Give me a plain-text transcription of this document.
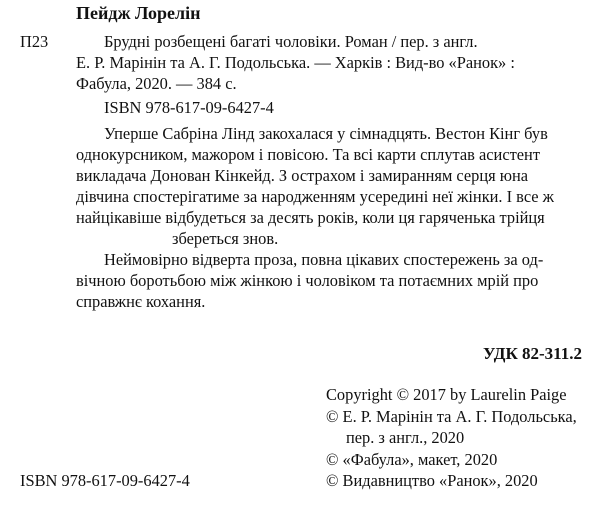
Пейдж Лорелін
П23	Брудні розбещені багаті чоловіки. Роман / пер. з англ.
Е. Р. Марінін та А. Г. Подольська. — Харків : Вид-во «Ранок» :
Фабула, 2020. — 384 с.
ISBN 978-617-09-6427-4

Уперше Сабріна Лінд закохалася у сімнадцять. Вестон Кінг був
однокурсником, мажором і повісою. Та всі карти сплутав асистент
викладача Донован Кінкейд. З острахом і замиранням серця юна
дівчина спостерігатиме за народженням усередині неї жінки. І все ж
найцікавіше відбудеться за десять років, коли ця гаряченька трійця
збереться знов.

Неймовірно відверта проза, повна цікавих спостережень за од-
вічною боротьбою між жінкою і чоловіком та потаємних мрій про
справжнє кохання.

УДК 82-311.2
Copyright © 2017 by Laurelin Paige
© Е. Р. Марінін та А. Г. Подольська,
пер. з англ., 2020
© «Фабула», макет, 2020
© Видавництво «Ранок», 2020
ISBN 978-617-09-6427-4
